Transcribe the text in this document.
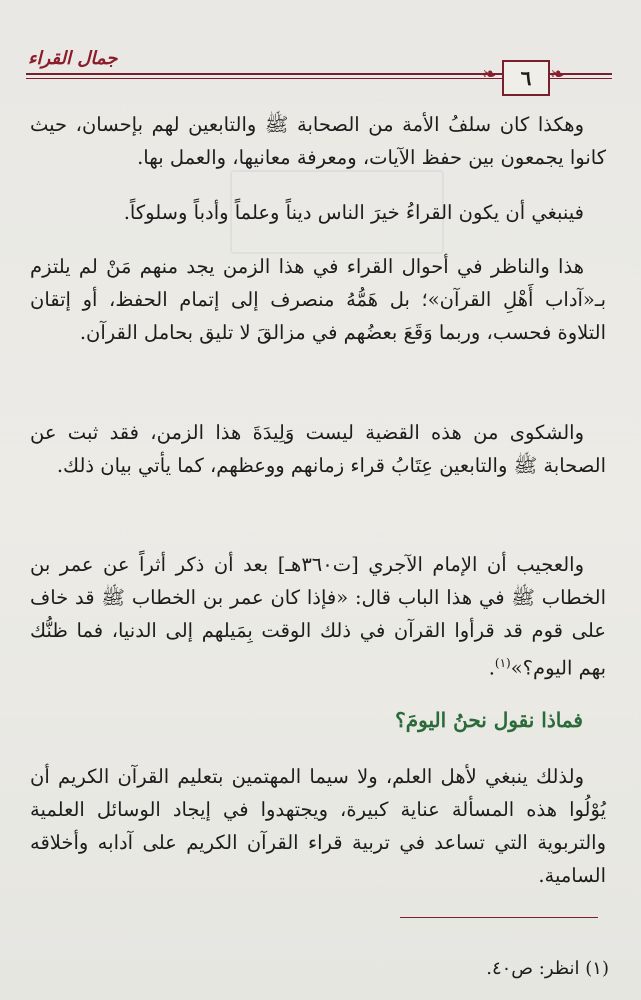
جمال القراء
❧ ٦ ❧

وهكذا كان سلفُ الأمة من الصحابة ﷺ والتابعين لهم بإحسان، حيث كانوا يجمعون بين حفظ الآيات، ومعرفة معانيها، والعمل بها.

فينبغي أن يكون القراءُ خيرَ الناس ديناً وعلماً وأدباً وسلوكاً.

هذا والناظر في أحوال القراء في هذا الزمن يجد منهم مَنْ لم يلتزم بـ«آداب أَهْلِ القرآن»؛ بل هَمُّهُ منصرف إلى إتمام الحفظ، أو إتقان التلاوة فحسب، وربما وَقَعَ بعضُهم في مزالقَ لا تليق بحامل القرآن.

والشكوى من هذه القضية ليست وَلِيدَةَ هذا الزمن، فقد ثبت عن الصحابة ﷺ والتابعين عِتَابُ قراء زمانهم ووعظهم، كما يأتي بيان ذلك.

والعجيب أن الإمام الآجري [ت٣٦٠هـ] بعد أن ذكر أثراً عن عمر بن الخطاب ﷺ في هذا الباب قال: «فإذا كان عمر بن الخطاب ﷺ قد خاف على قوم قد قرأوا القرآن في ذلك الوقت بِمَيلهم إلى الدنيا، فما ظنُّك بهم اليوم؟»$^{(١)}$.

فماذا نقول نحنُ اليومَ؟

ولذلك ينبغي لأهل العلم، ولا سيما المهتمين بتعليم القرآن الكريم أن يُوْلُوا هذه المسألة عناية كبيرة، ويجتهدوا في إيجاد الوسائل العلمية والتربوية التي تساعد في تربية قراء القرآن الكريم على آدابه وأخلاقه السامية.

(١) انظر: ص٤٠.
